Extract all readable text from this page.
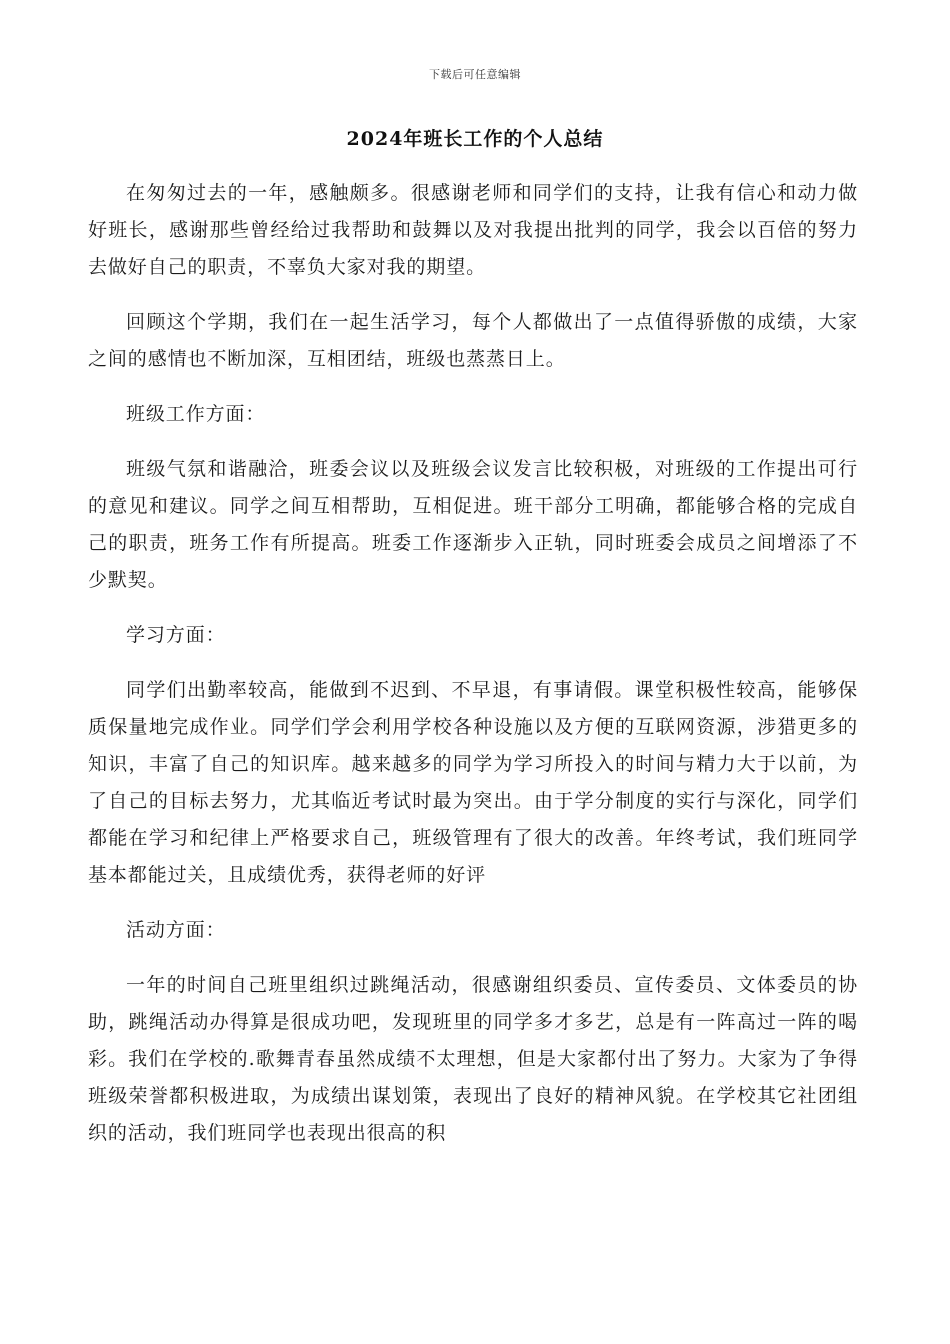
下载后可任意编辑
2024年班长工作的个人总结

在匆匆过去的一年，感触颇多。很感谢老师和同学们的支持，让我有信心和动力做好班长，感谢那些曾经给过我帮助和鼓舞以及对我提出批判的同学，我会以百倍的努力去做好自己的职责，不辜负大家对我的期望。

回顾这个学期，我们在一起生活学习，每个人都做出了一点值得骄傲的成绩，大家之间的感情也不断加深，互相团结，班级也蒸蒸日上。

班级工作方面：

班级气氛和谐融洽，班委会议以及班级会议发言比较积极，对班级的工作提出可行的意见和建议。同学之间互相帮助，互相促进。班干部分工明确，都能够合格的完成自己的职责，班务工作有所提高。班委工作逐渐步入正轨，同时班委会成员之间增添了不少默契。

学习方面：

同学们出勤率较高，能做到不迟到、不早退，有事请假。课堂积极性较高，能够保质保量地完成作业。同学们学会利用学校各种设施以及方便的互联网资源，涉猎更多的知识，丰富了自己的知识库。越来越多的同学为学习所投入的时间与精力大于以前，为了自己的目标去努力，尤其临近考试时最为突出。由于学分制度的实行与深化，同学们都能在学习和纪律上严格要求自己，班级管理有了很大的改善。年终考试，我们班同学基本都能过关，且成绩优秀，获得老师的好评

活动方面：

一年的时间自己班里组织过跳绳活动，很感谢组织委员、宣传委员、文体委员的协助，跳绳活动办得算是很成功吧，发现班里的同学多才多艺，总是有一阵高过一阵的喝彩。我们在学校的.歌舞青春虽然成绩不太理想，但是大家都付出了努力。大家为了争得班级荣誉都积极进取，为成绩出谋划策，表现出了良好的精神风貌。在学校其它社团组织的活动，我们班同学也表现出很高的积
